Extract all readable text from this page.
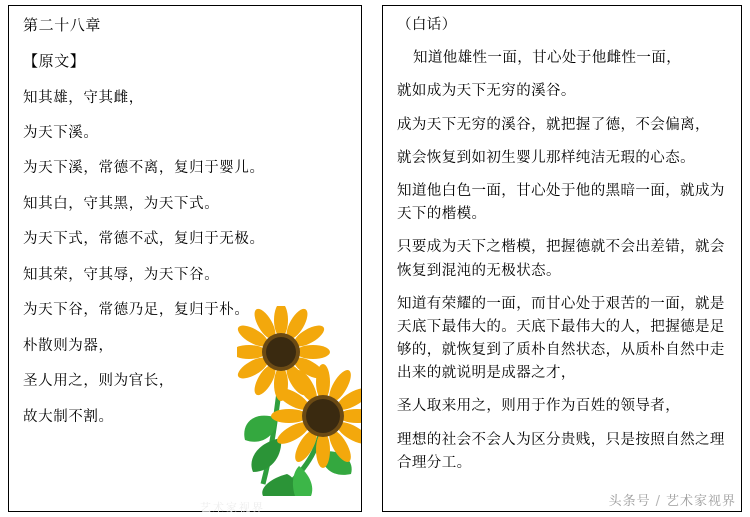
第二十八章
【原文】
知其雄，守其雌，
为天下溪。
为天下溪，常德不离，复归于婴儿。
知其白，守其黑，为天下式。
为天下式，常德不忒，复归于无极。
知其荣，守其辱，为天下谷。
为天下谷，常德乃足，复归于朴。
朴散则为器，
圣人用之，则为官长，
故大制不割。
（白话）
知道他雄性一面，甘心处于他雌性一面，
就如成为天下无穷的溪谷。
成为天下无穷的溪谷，就把握了德，不会偏离，
就会恢复到如初生婴儿那样纯洁无瑕的心态。
知道他白色一面，甘心处于他的黑暗一面，就成为天下的楷模。
只要成为天下之楷模，把握德就不会出差错，就会恢复到混沌的无极状态。
知道有荣耀的一面，而甘心处于艰苦的一面，就是天底下最伟大的。天底下最伟大的人，把握德是足够的，就恢复到了质朴自然状态，从质朴自然中走出来的就说明是成器之才，
圣人取来用之，则用于作为百姓的领导者，
理想的社会不会人为区分贵贱，只是按照自然之理合理分工。
艺术家视界	头条号 / 艺术家视界
